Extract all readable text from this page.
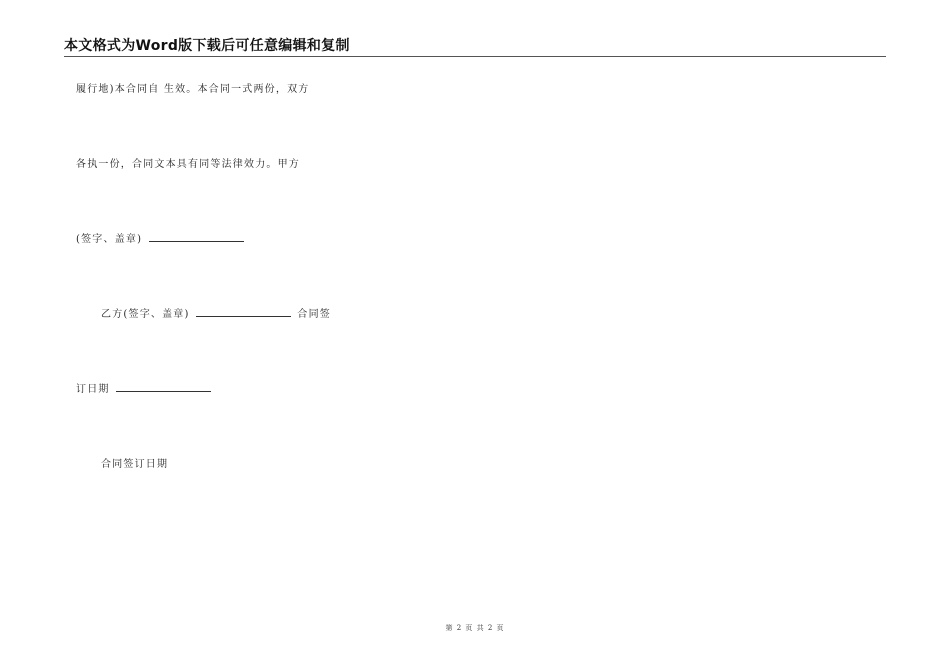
本文格式为Word版下载后可任意编辑和复制
履行地)本合同自 生效。本合同一式两份，双方
各执一份，合同文本具有同等法律效力。甲方
(签字、盖章)
乙方(签字、盖章)	合同签
订日期
合同签订日期
第 2 页 共 2 页
